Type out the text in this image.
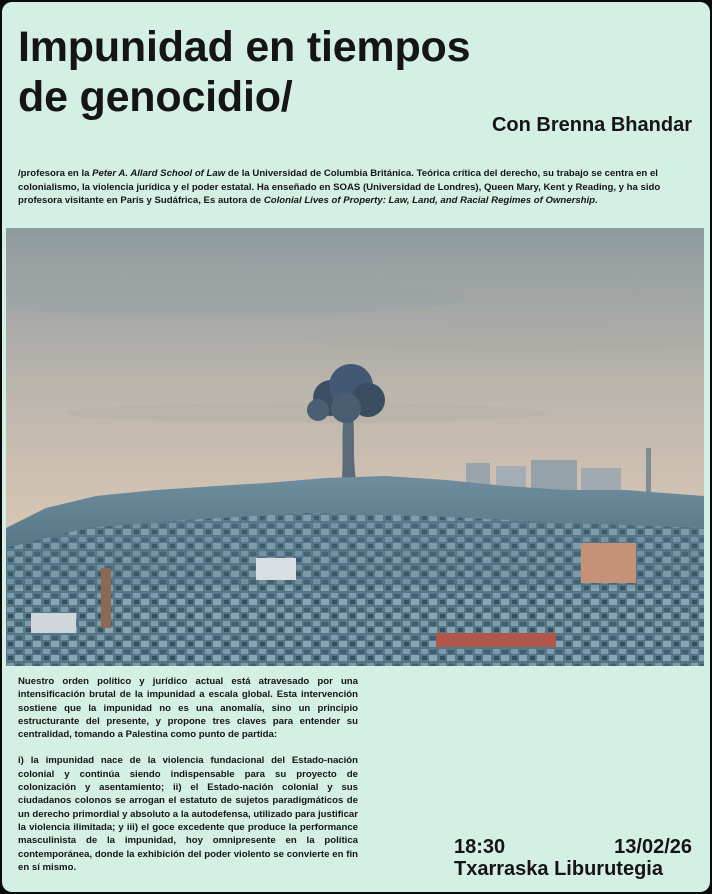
Impunidad en tiempos
de genocidio/
Con Brenna Bhandar

/profesora en la Peter A. Allard School of Law de la Universidad de Columbia Británica. Teórica crítica del derecho, su trabajo se centra en el colonialismo, la violencia jurídica y el poder estatal. Ha enseñado en SOAS (Universidad de Londres), Queen Mary, Kent y Reading, y ha sido profesora visitante en París y Sudáfrica, Es autora de Colonial Lives of Property: Law, Land, and Racial Regimes of Ownership.

Nuestro orden político y jurídico actual está atravesado por una intensificación brutal de la impunidad a escala global. Esta intervención sostiene que la impunidad no es una anomalía, sino un principio estructurante del presente, y propone tres claves para entender su centralidad, tomando a Palestina como punto de partida:

i) la impunidad nace de la violencia fundacional del Estado-nación colonial y continúa siendo indispensable para su proyecto de colonización y asentamiento; ii) el Estado-nación colonial y sus ciudadanos colonos se arrogan el estatuto de sujetos paradigmáticos de un derecho primordial y absoluto a la autodefensa, utilizado para justificar la violencia ilimitada; y iii) el goce excedente que produce la performance masculinista de la impunidad, hoy omnipresente en la política contemporánea, donde la exhibición del poder violento se convierte en fin en sí mismo.

18:30	13/02/26
Txarraska Liburutegia
